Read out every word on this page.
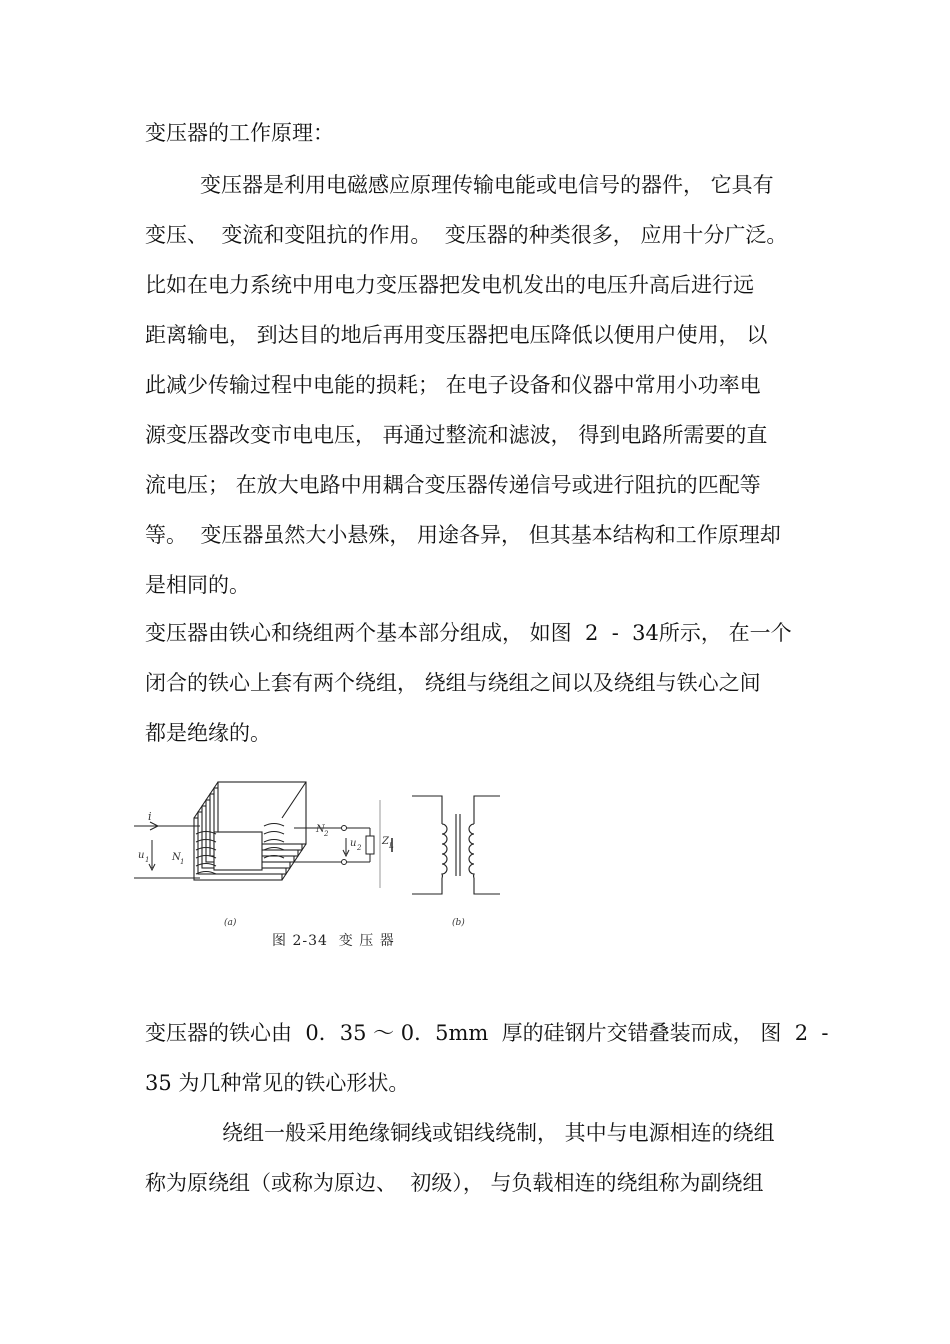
变压器的工作原理：
变压器是利用电磁感应原理传输电能或电信号的器件， 它具有
变压、  变流和变阻抗的作用。  变压器的种类很多， 应用十分广泛。
比如在电力系统中用电力变压器把发电机发出的电压升高后进行远
距离输电， 到达目的地后再用变压器把电压降低以便用户使用， 以
此减少传输过程中电能的损耗； 在电子设备和仪器中常用小功率电
源变压器改变市电电压， 再通过整流和滤波， 得到电路所需要的直
流电压； 在放大电路中用耦合变压器传递信号或进行阻抗的匹配等
等。  变压器虽然大小悬殊， 用途各异， 但其基本结构和工作原理却
是相同的。
变压器由铁心和绕组两个基本部分组成， 如图  2  -  34所示， 在一个
闭合的铁心上套有两个绕组， 绕组与绕组之间以及绕组与铁心之间
都是绝缘的。
i
u 1 N 1
N 2
u 2
Z L
(a)	(b)
图 2-34  变 压 器
变压器的铁心由  0．35 ～ 0．5mm  厚的硅钢片交错叠装而成， 图  2  -
35 为几种常见的铁心形状。
绕组一般采用绝缘铜线或铝线绕制， 其中与电源相连的绕组
称为原绕组（或称为原边、  初级）， 与负载相连的绕组称为副绕组
